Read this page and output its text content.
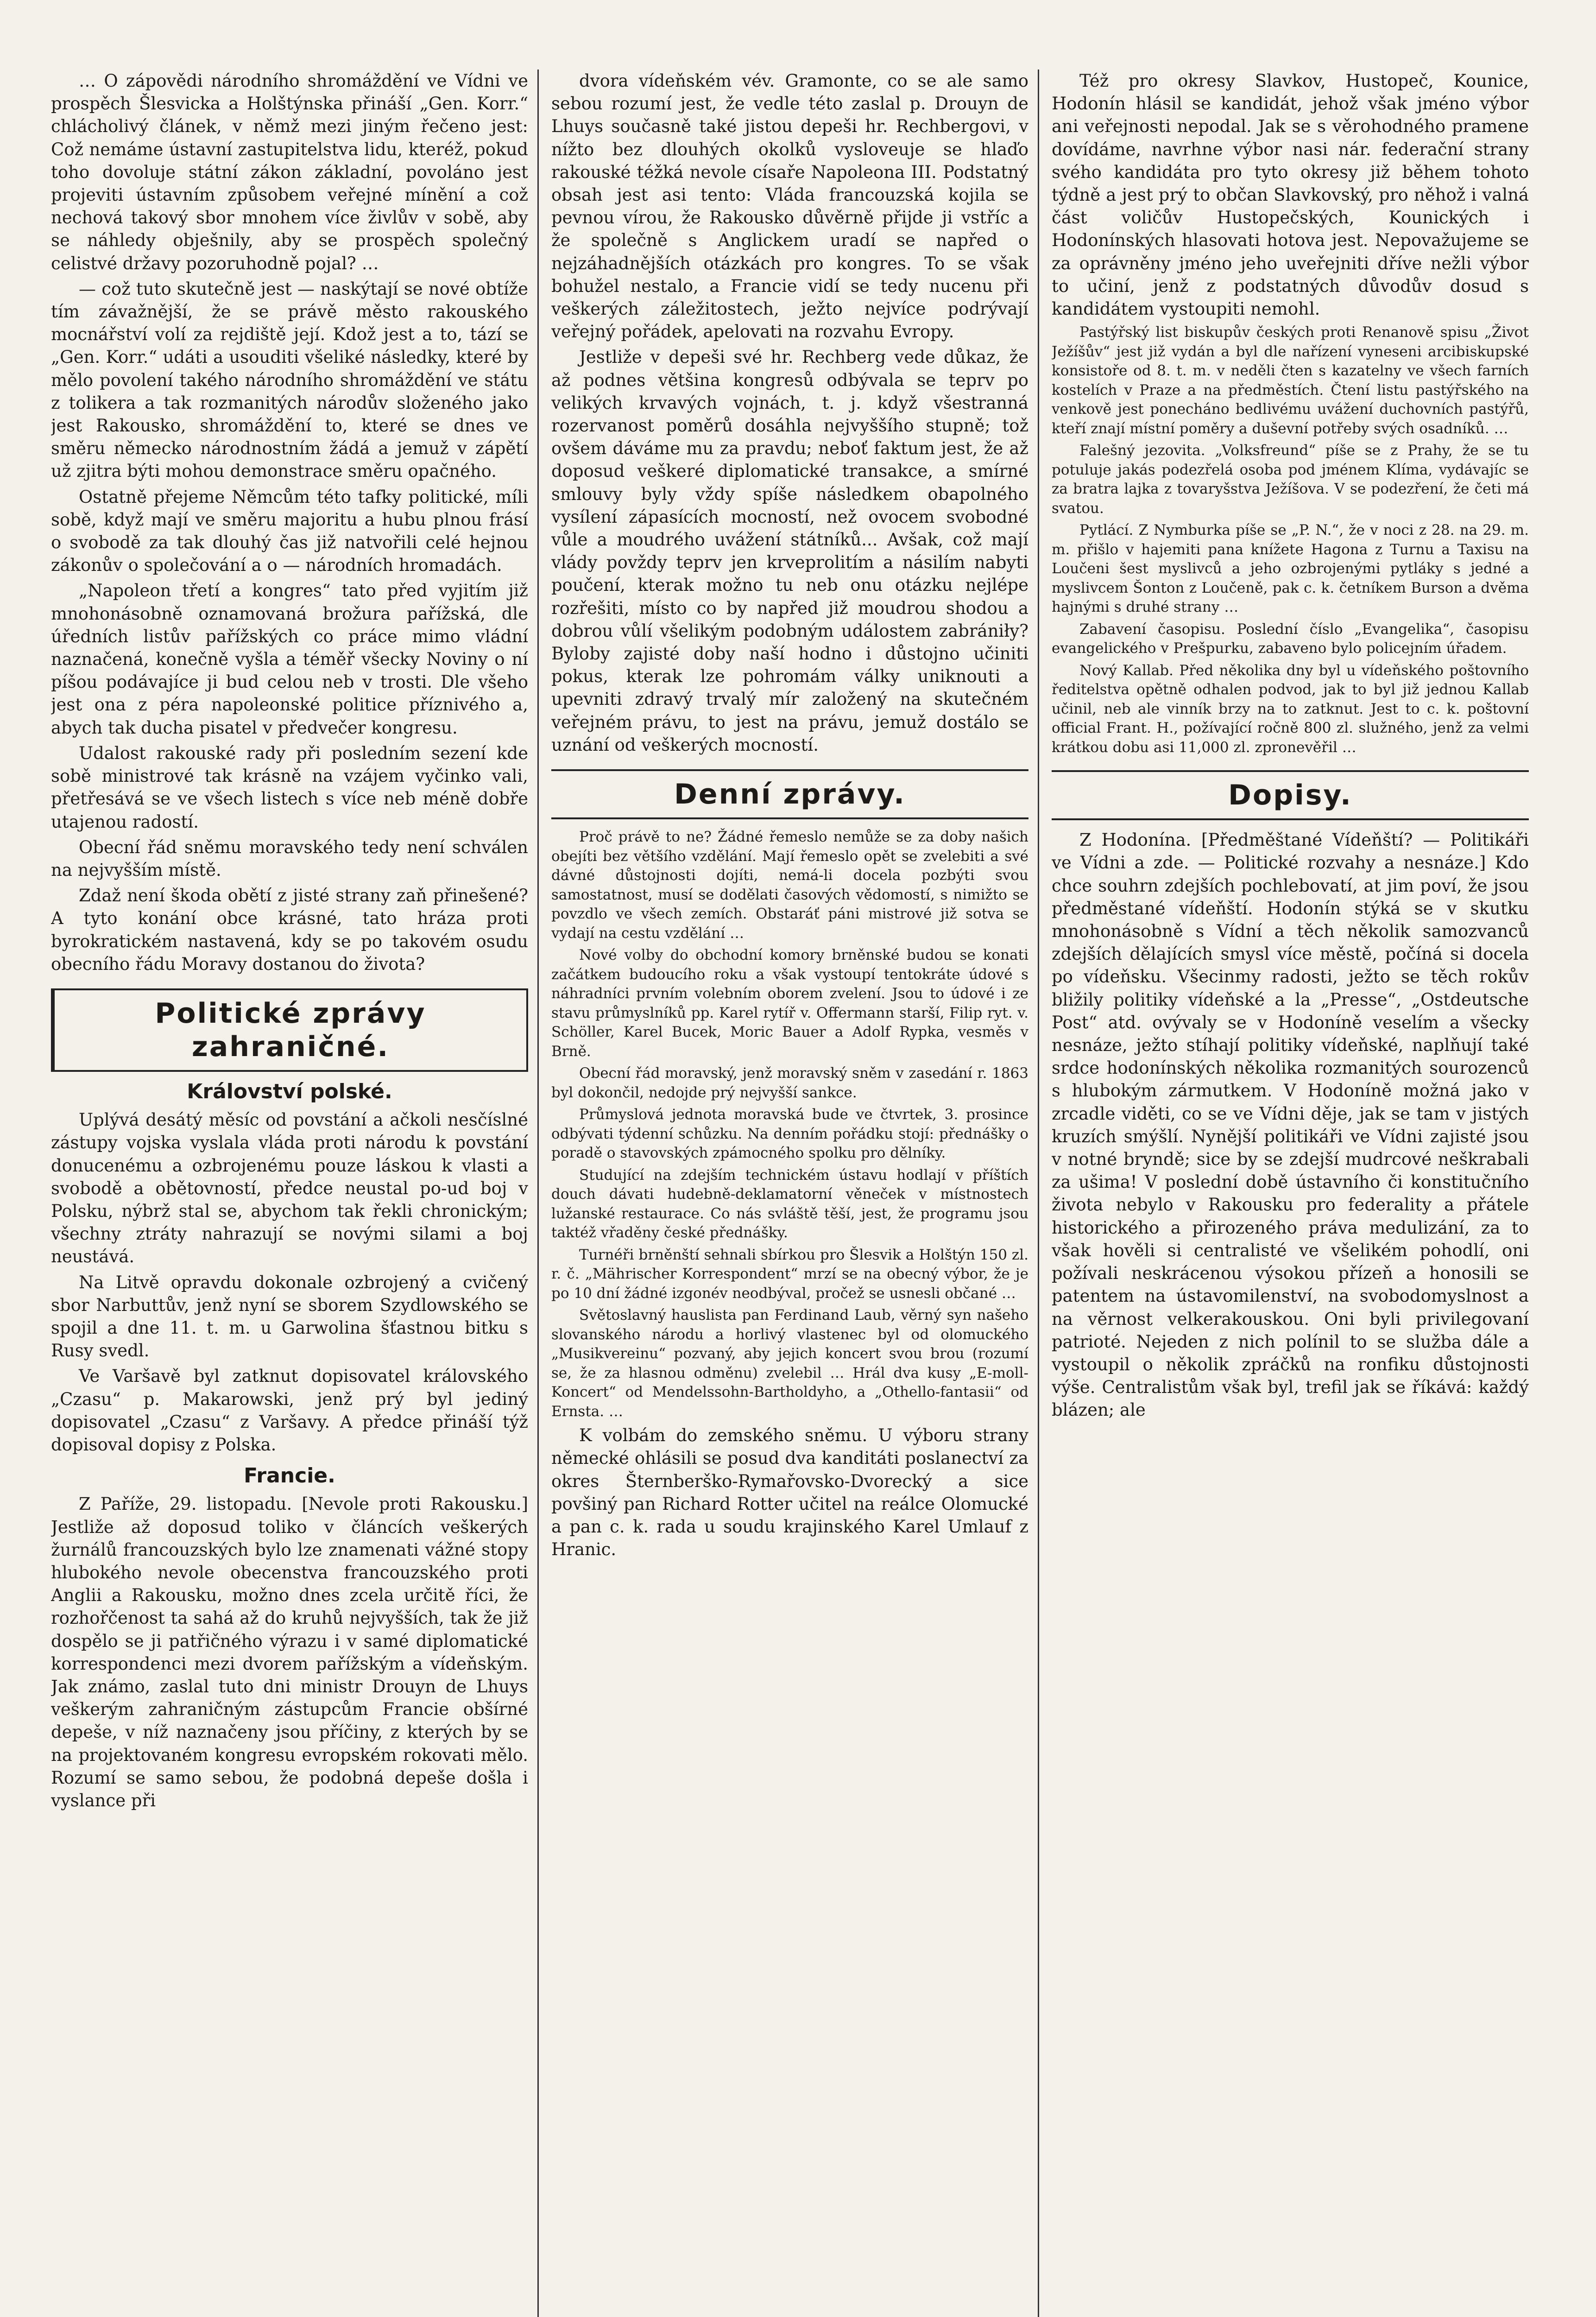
… O zápovědi národního shromáždění ve Vídni ve prospěch Šlesvicka a Holštýnska přináší „Gen. Korr.“ chlácholivý článek, v němž mezi jiným řečeno jest: Což nemáme ústavní zastupitelstva lidu, kteréž, pokud toho dovoluje státní zákon základní, povoláno jest projeviti ústavním způsobem veřejné mínění a což nechová takový sbor mnohem více živlův v sobě, aby se náhledy obješnily, aby se prospěch společný celistvé državy pozoruhodně pojal? …

— což tuto skutečně jest — naskýtají se nové obtíže tím závažnější, že se právě město rakouského mocnářství volí za rejdiště její. Kdož jest a to, tází se „Gen. Korr.“ udáti a usouditi všeliké následky, které by mělo povolení takého národního shromáždění ve státu z tolikera a tak rozmanitých národův složeného jako jest Rakousko, shromáždění to, které se dnes ve směru německo národnostním žádá a jemuž v zápětí už zjitra býti mohou demonstrace směru opačného.

Ostatně přejeme Němcům této tafky politické, míli sobě, když mají ve směru majoritu a hubu plnou frásí o svobodě za tak dlouhý čas již natvořili celé hejnou zákonův o společování a o — národních hromadách.

„Napoleon třetí a kongres“ tato před vyjitím již mnohonásobně oznamovaná brožura pařížská, dle úředních listův pařížských co práce mimo vládní naznačená, konečně vyšla a téměř všecky Noviny o ní píšou podávajíce ji bud celou neb v trosti. Dle všeho jest ona z péra napoleonské politice příznivého a, abych tak ducha pisatel v předvečer kongresu.

Udalost rakouské rady při posledním sezení kde sobě ministrové tak krásně na vzájem vyčinko vali, přetřesává se ve všech listech s více neb méně dobře utajenou radostí.

Obecní řád sněmu moravského tedy není schválen na nejvyšším místě.

Zdaž není škoda obětí z jisté strany zaň přinešené? A tyto konání obce krásné, tato hráza proti byrokratickém nastavená, kdy se po takovém osudu obecního řádu Moravy dostanou do života?

Politické zprávy zahraničné.
Království polské.

Uplývá desátý měsíc od povstání a ačkoli nesčíslné zástupy vojska vyslala vláda proti národu k povstání donucenému a ozbrojenému pouze láskou k vlasti a svobodě a obětovností, předce neustal po-ud boj v Polsku, nýbrž stal se, abychom tak řekli chronickým; všechny ztráty nahrazují se novými silami a boj neustává.

Na Litvě opravdu dokonale ozbrojený a cvičený sbor Narbuttův, jenž nyní se sborem Szydlowského se spojil a dne 11. t. m. u Garwolina šťastnou bitku s Rusy svedl.

Ve Varšavě byl zatknut dopisovatel královského „Czasu“ p. Makarowski, jenž prý byl jediný dopisovatel „Czasu“ z Varšavy. A předce přináší týž dopisoval dopisy z Polska.

Francie.

Z Paříže, 29. listopadu. [Nevole proti Rakousku.] Jestliže až doposud toliko v článcích veškerých žurnálů francouzských bylo lze znamenati vážné stopy hlubokého nevole obecenstva francouzského proti Anglii a Rakousku, možno dnes zcela určitě říci, že rozhořčenost ta sahá až do kruhů nejvyšších, tak že již dospělo se ji patřičného výrazu i v samé diplomatické korrespondenci mezi dvorem pařížským a vídeňským. Jak známo, zaslal tuto dni ministr Drouyn de Lhuys veškerým zahraničným zástupcům Francie obšírné depeše, v níž naznačeny jsou příčiny, z kterých by se na projektovaném kongresu evropském rokovati mělo. Rozumí se samo sebou, že podobná depeše došla i vyslance při

dvora vídeňském vév. Gramonte, co se ale samo sebou rozumí jest, že vedle této zaslal p. Drouyn de Lhuys současně také jistou depeši hr. Rechbergovi, v nížto bez dlouhých okolků vysloveuje se hlaďo rakouské téžká nevole císaře Napoleona III. Podstatný obsah jest asi tento: Vláda francouzská kojila se pevnou vírou, že Rakousko důvěrně přijde ji vstříc a že společně s Anglickem uradí se napřed o nejzáhadnějších otázkách pro kongres. To se však bohužel nestalo, a Francie vidí se tedy nucenu při veškerých záležitostech, ježto nejvíce podrývají veřejný pořádek, apelovati na rozvahu Evropy.

Jestliže v depeši své hr. Rechberg vede důkaz, že až podnes většina kongresů odbývala se teprv po velikých krvavých vojnách, t. j. když všestranná rozervanost poměrů dosáhla nejvyššího stupně; tož ovšem dáváme mu za pravdu; neboť faktum jest, že až doposud veškeré diplomatické transakce, a smírné smlouvy byly vždy spíše následkem obapolného vysílení zápasících mocností, než ovocem svobodné vůle a moudrého uvážení státníků... Avšak, což mají vlády povždy teprv jen krveprolitím a násilím nabyti poučení, kterak možno tu neb onu otázku nejlépe rozřešiti, místo co by napřed již moudrou shodou a dobrou vůlí všelikým podobným událostem zabrániły? Byloby zajisté doby naší hodno i důstojno učiniti pokus, kterak lze pohromám války uniknouti a upevniti zdravý trvalý mír založený na skutečném veřejném právu, to jest na právu, jemuž dostálo se uznání od veškerých mocností.

Denní zprávy.

Proč právě to ne? Žádné řemeslo nemůže se za doby našich obejíti bez většího vzdělání. Mají řemeslo opět se zvelebiti a své dávné důstojnosti dojíti, nemá-li docela pozbýti svou samostatnost, musí se dodělati časových vědomostí, s nimižto se povzdlo ve všech zemích. Obstaráť páni mistrové již sotva se vydají na cestu vzdělání …

Nové volby do obchodní komory brněnské budou se konati začátkem budoucího roku a však vystoupí tentokráte údové s náhradníci prvním volebním oborem zvelení. Jsou to údové i ze stavu průmyslníků pp. Karel rytíř v. Offermann starší, Filip ryt. v. Schöller, Karel Bucek, Moric Bauer a Adolf Rypka, vesměs v Brně.

Obecní řád moravský, jenž moravský sněm v zasedání r. 1863 byl dokončil, nedojde prý nejvyšší sankce.

Průmyslová jednota moravská bude ve čtvrtek, 3. prosince odbývati týdenní schůzku. Na denním pořádku stojí: přednášky o poradě o stavovských zpámocného spolku pro dělníky.

Studující na zdejším technickém ústavu hodlají v příštích douch dávati hudebně-deklamatorní věneček v místnostech lužanské restaurace. Co nás svláště těší, jest, že programu jsou taktéž vřaděny české přednášky.

Turnéři brněnští sehnali sbírkou pro Šlesvik a Holštýn 150 zl. r. č. „Mährischer Korrespondent“ mrzí se na obecný výbor, že je po 10 dní žádné izgonév neodbýval, pročež se usnesli občané …

Světoslavný hauslista pan Ferdinand Laub, věrný syn našeho slovanského národu a horlivý vlastenec byl od olomuckého „Musikvereinu“ pozvaný, aby jejich koncert svou brou (rozumí se, že za hlasnou odměnu) zvelebil … Hrál dva kusy „E-moll-Koncert“ od Mendelssohn-Bartholdyho, a „Othello-fantasii“ od Ernsta. …

K volbám do zemského sněmu. U výboru strany německé ohlásili se posud dva kanditáti poslanectví za okres Šternberško-Rymařovsko-Dvorecký a sice povšiný pan Richard Rotter učitel na reálce Olomucké a pan c. k. rada u soudu krajinského Karel Umlauf z Hranic.

Též pro okresy Slavkov, Hustopeč, Kounice, Hodonín hlásil se kandidát, jehož však jméno výbor ani veřejnosti nepodal. Jak se s věrohodného pramene dovídáme, navrhne výbor nasi nár. federační strany svého kandidáta pro tyto okresy již během tohoto týdně a jest prý to občan Slavkovský, pro něhož i valná část voličův Hustopečských, Kounických i Hodonínských hlasovati hotova jest. Nepovažujeme se za oprávněny jméno jeho uveřejniti dříve nežli výbor to učiní, jenž z podstatných důvodův dosud s kandidátem vystoupiti nemohl.

Pastýřský list biskupův českých proti Renanově spisu „Život Ježíšův“ jest již vydán a byl dle nařízení vyneseni arcibiskupské konsistoře od 8. t. m. v neděli čten s kazatelny ve všech farních kostelích v Praze a na předměstích. Čtení listu pastýřského na venkově jest ponecháno bedlivému uvážení duchovních pastýřů, kteří znají místní poměry a duševní potřeby svých osadníků. …

Falešný jezovita. „Volksfreund“ píše se z Prahy, že se tu potuluje jakás podezřelá osoba pod jménem Klíma, vydávajíc se za bratra lajka z tovaryšstva Ježíšova. V se podezření, že četi má svatou.

Pytlácí. Z Nymburka píše se „P. N.“, že v noci z 28. na 29. m. m. přišlo v hajemiti pana knížete Hagona z Turnu a Taxisu na Loučeni šest myslivců a jeho ozbrojenými pytláky s jedné a myslivcem Šonton z Loučeně, pak c. k. četníkem Burson a dvěma hajnými s druhé strany …

Zabavení časopisu. Poslední číslo „Evangelika“, časopisu evangelického v Prešpurku, zabaveno bylo policejním úřadem.

Nový Kallab. Před několika dny byl u vídeňského poštovního ředitelstva opětně odhalen podvod, jak to byl již jednou Kallab učinil, neb ale vinník brzy na to zatknut. Jest to c. k. poštovní official Frant. H., požívající ročně 800 zl. služného, jenž za velmi krátkou dobu asi 11,000 zl. zpronevěřil …

Dopisy.

Z Hodonína. [Předměštané Vídeňští? — Politikáři ve Vídni a zde. — Politické rozvahy a nesnáze.] Kdo chce souhrn zdejších pochlebovatí, at jim poví, že jsou předměstané vídeňští. Hodonín stýká se v skutku mnohonásobně s Vídní a těch několik samozvanců zdejších dělajících smysl více městě, počíná si docela po vídeňsku. Všecinmy radosti, ježto se těch rokův bližily politiky vídeňské a la „Presse“, „Ostdeutsche Post“ atd. ovývaly se v Hodoníně veselím a všecky nesnáze, ježto stíhají politiky vídeňské, naplňují také srdce hodonínských několika rozmanitých sourozenců s hlubokým zármutkem. V Hodoníně možná jako v zrcadle viděti, co se ve Vídni děje, jak se tam v jistých kruzích smýšlí. Nynější politikáři ve Vídni zajisté jsou v notné bryndě; sice by se zdejší mudrcové neškrabali za ušima! V poslední době ústavního či konstitučního života nebylo v Rakousku pro federality a přátele historického a přirozeného práva medulizání, za to však hověli si centralisté ve všelikém pohodlí, oni požívali neskrácenou výsokou přízeň a honosili se patentem na ústavomilenství, na svobodomyslnost a na věrnost velkerakouskou. Oni byli privilegovaní patrioté. Nejeden z nich polínil to se služba dále a vystoupil o několik zpráčků na ronfiku důstojnosti výše. Centralistům však byl, trefil jak se říkává: každý blázen; ale
